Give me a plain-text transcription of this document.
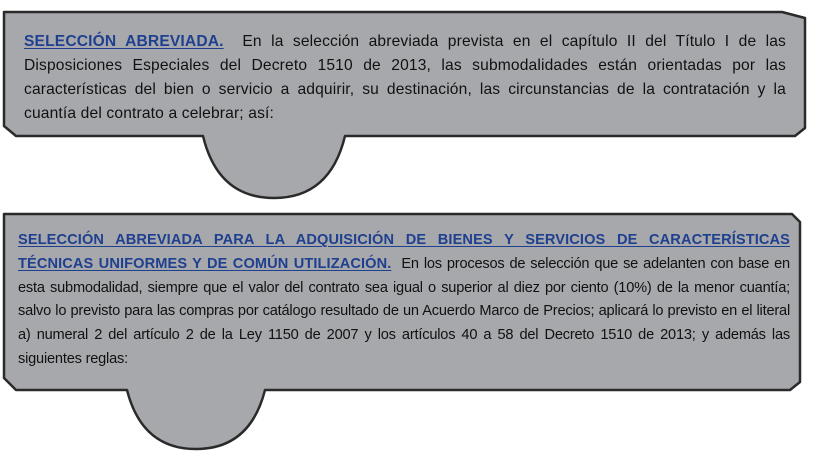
SELECCIÓN ABREVIADA. En la selección abreviada prevista en el capítulo II del Título I de las Disposiciones Especiales del Decreto 1510 de 2013, las submodalidades están orientadas por las características del bien o servicio a adquirir, su destinación, las circunstancias de la contratación y la cuantía del contrato a celebrar; así:
SELECCIÓN ABREVIADA PARA LA ADQUISICIÓN DE BIENES Y SERVICIOS DE CARACTERÍSTICAS TÉCNICAS UNIFORMES Y DE COMÚN UTILIZACIÓN. En los procesos de selección que se adelanten con base en esta submodalidad, siempre que el valor del contrato sea igual o superior al diez por ciento (10%) de la menor cuantía; salvo lo previsto para las compras por catálogo resultado de un Acuerdo Marco de Precios; aplicará lo previsto en el literal a) numeral 2 del artículo 2 de la Ley 1150 de 2007 y los artículos 40 a 58 del Decreto 1510 de 2013; y además las siguientes reglas:
